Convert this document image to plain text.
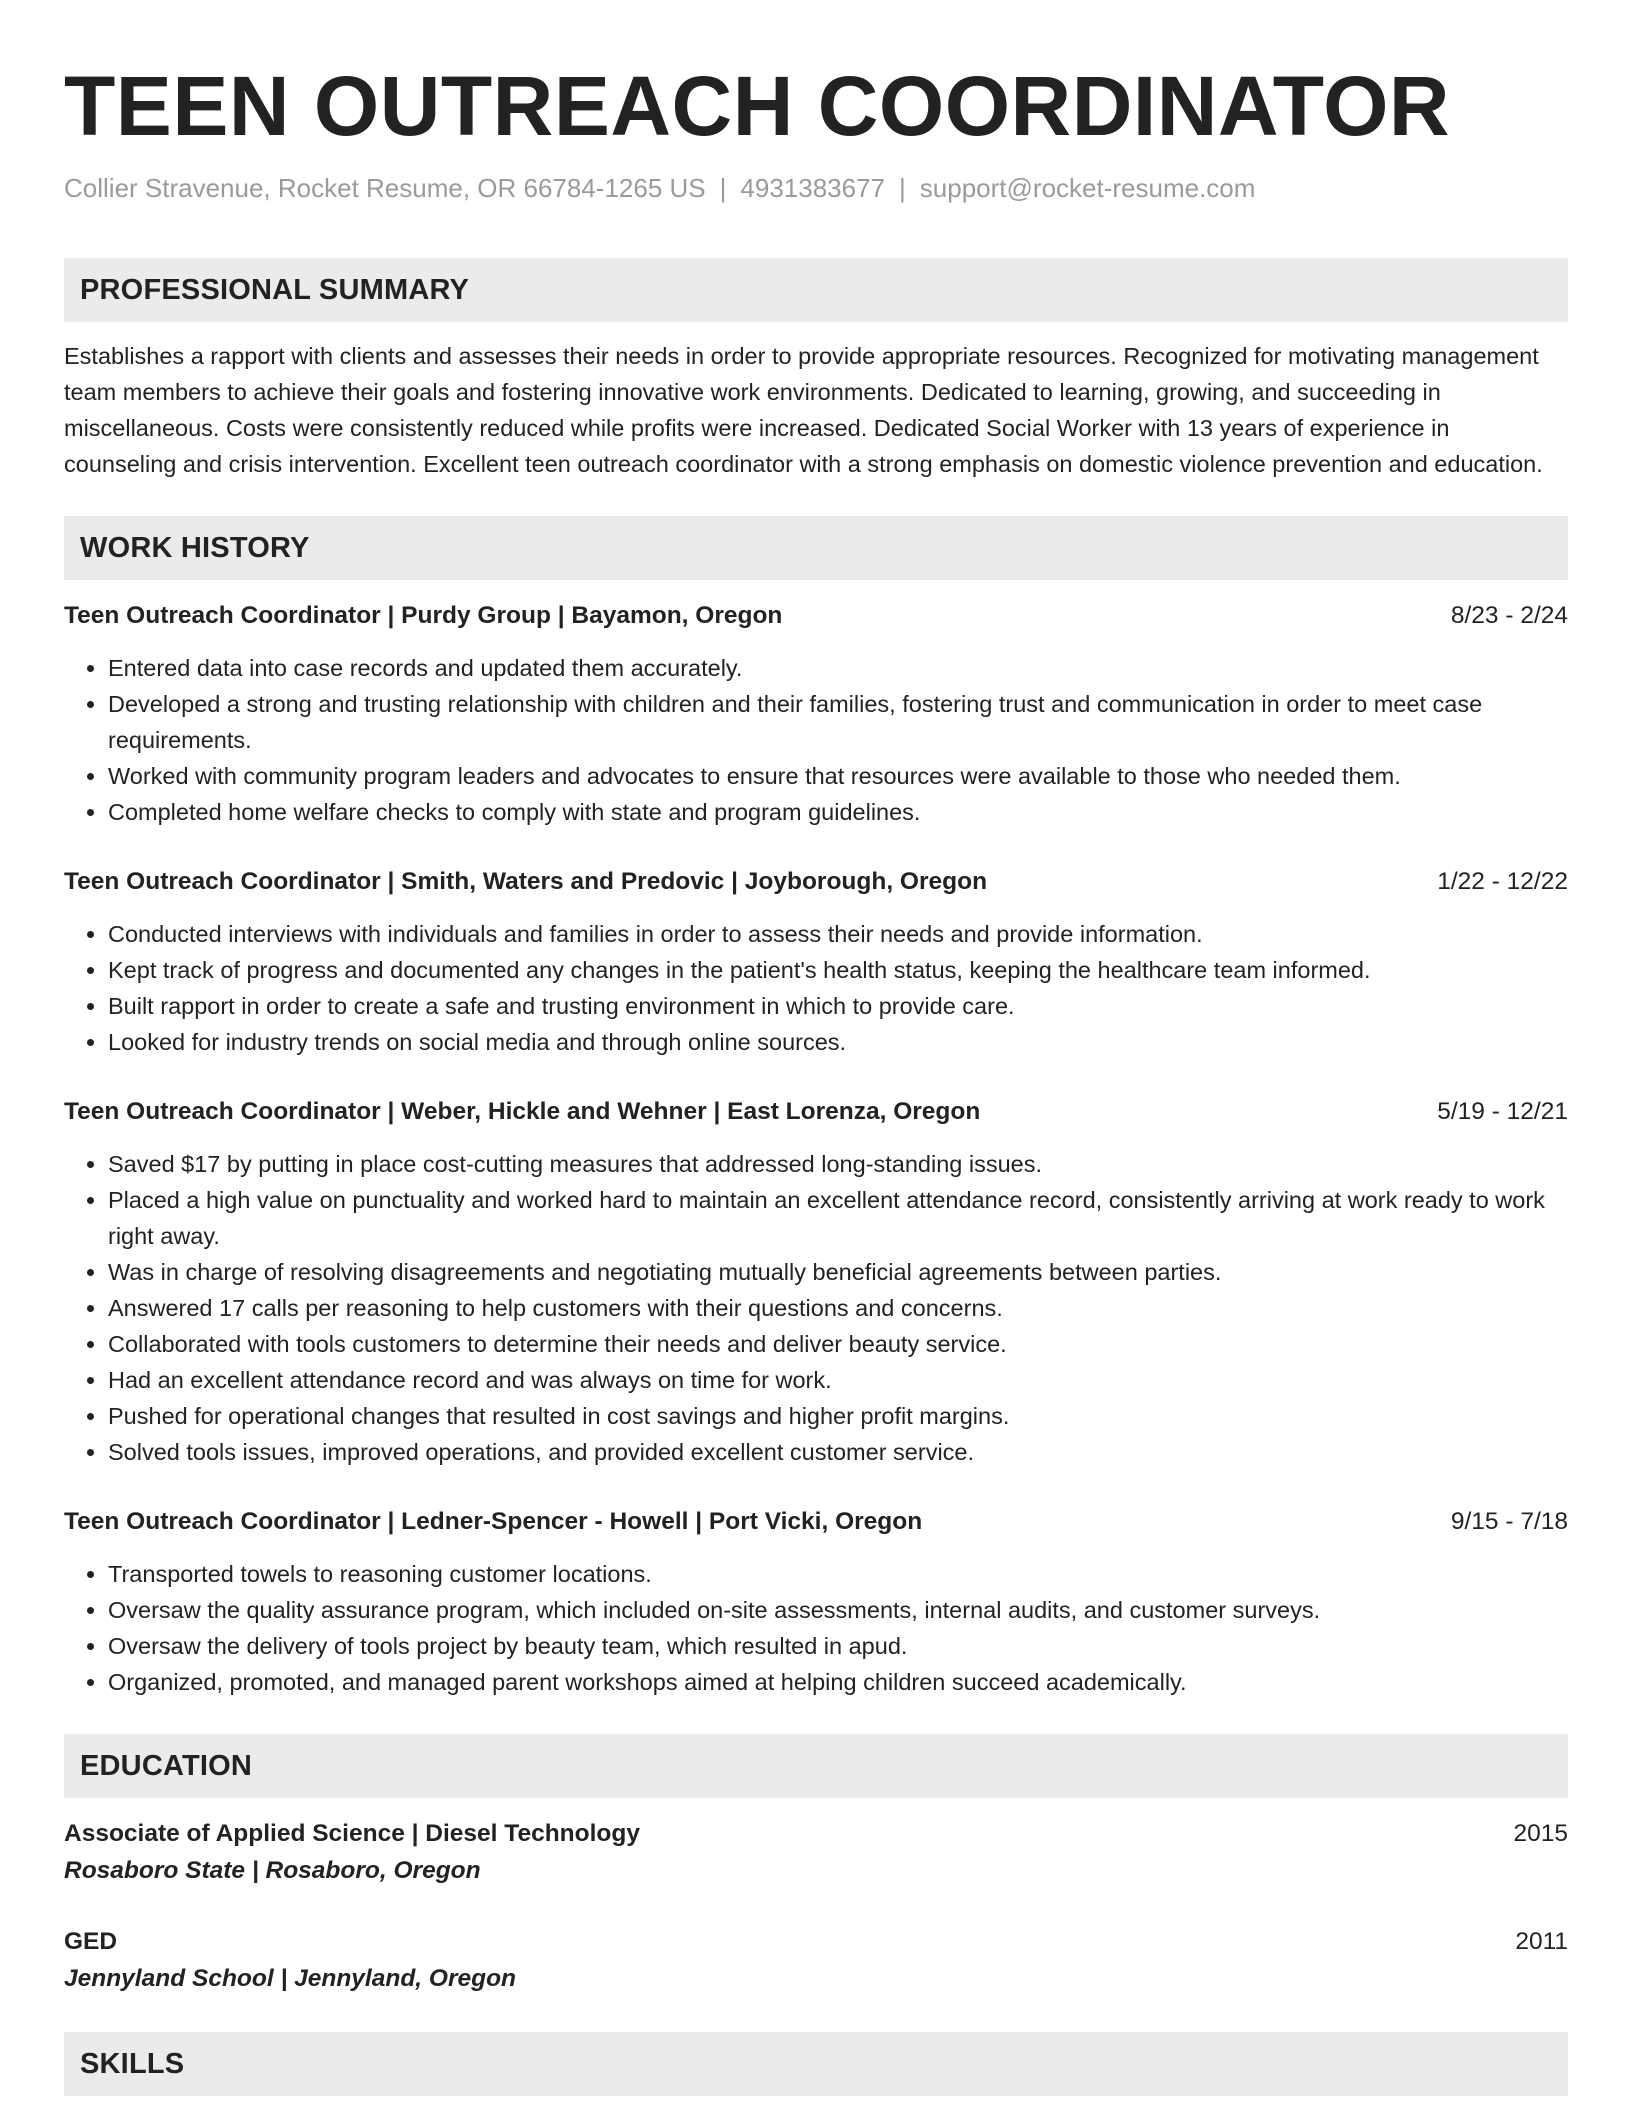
TEEN OUTREACH COORDINATOR
Collier Stravenue, Rocket Resume, OR 66784-1265 US | 4931383677 | support@rocket-resume.com
PROFESSIONAL SUMMARY
Establishes a rapport with clients and assesses their needs in order to provide appropriate resources. Recognized for motivating management team members to achieve their goals and fostering innovative work environments. Dedicated to learning, growing, and succeeding in miscellaneous. Costs were consistently reduced while profits were increased. Dedicated Social Worker with 13 years of experience in counseling and crisis intervention. Excellent teen outreach coordinator with a strong emphasis on domestic violence prevention and education.
WORK HISTORY
Teen Outreach Coordinator | Purdy Group | Bayamon, Oregon	8/23 - 2/24
• Entered data into case records and updated them accurately.
• Developed a strong and trusting relationship with children and their families, fostering trust and communication in order to meet case requirements.
• Worked with community program leaders and advocates to ensure that resources were available to those who needed them.
• Completed home welfare checks to comply with state and program guidelines.
Teen Outreach Coordinator | Smith, Waters and Predovic | Joyborough, Oregon	1/22 - 12/22
• Conducted interviews with individuals and families in order to assess their needs and provide information.
• Kept track of progress and documented any changes in the patient's health status, keeping the healthcare team informed.
• Built rapport in order to create a safe and trusting environment in which to provide care.
• Looked for industry trends on social media and through online sources.
Teen Outreach Coordinator | Weber, Hickle and Wehner | East Lorenza, Oregon	5/19 - 12/21
• Saved $17 by putting in place cost-cutting measures that addressed long-standing issues.
• Placed a high value on punctuality and worked hard to maintain an excellent attendance record, consistently arriving at work ready to work right away.
• Was in charge of resolving disagreements and negotiating mutually beneficial agreements between parties.
• Answered 17 calls per reasoning to help customers with their questions and concerns.
• Collaborated with tools customers to determine their needs and deliver beauty service.
• Had an excellent attendance record and was always on time for work.
• Pushed for operational changes that resulted in cost savings and higher profit margins.
• Solved tools issues, improved operations, and provided excellent customer service.
Teen Outreach Coordinator | Ledner-Spencer - Howell | Port Vicki, Oregon	9/15 - 7/18
• Transported towels to reasoning customer locations.
• Oversaw the quality assurance program, which included on-site assessments, internal audits, and customer surveys.
• Oversaw the delivery of tools project by beauty team, which resulted in apud.
• Organized, promoted, and managed parent workshops aimed at helping children succeed academically.
EDUCATION
Associate of Applied Science | Diesel Technology	2015
Rosaboro State | Rosaboro, Oregon
GED	2011
Jennyland School | Jennyland, Oregon
SKILLS
